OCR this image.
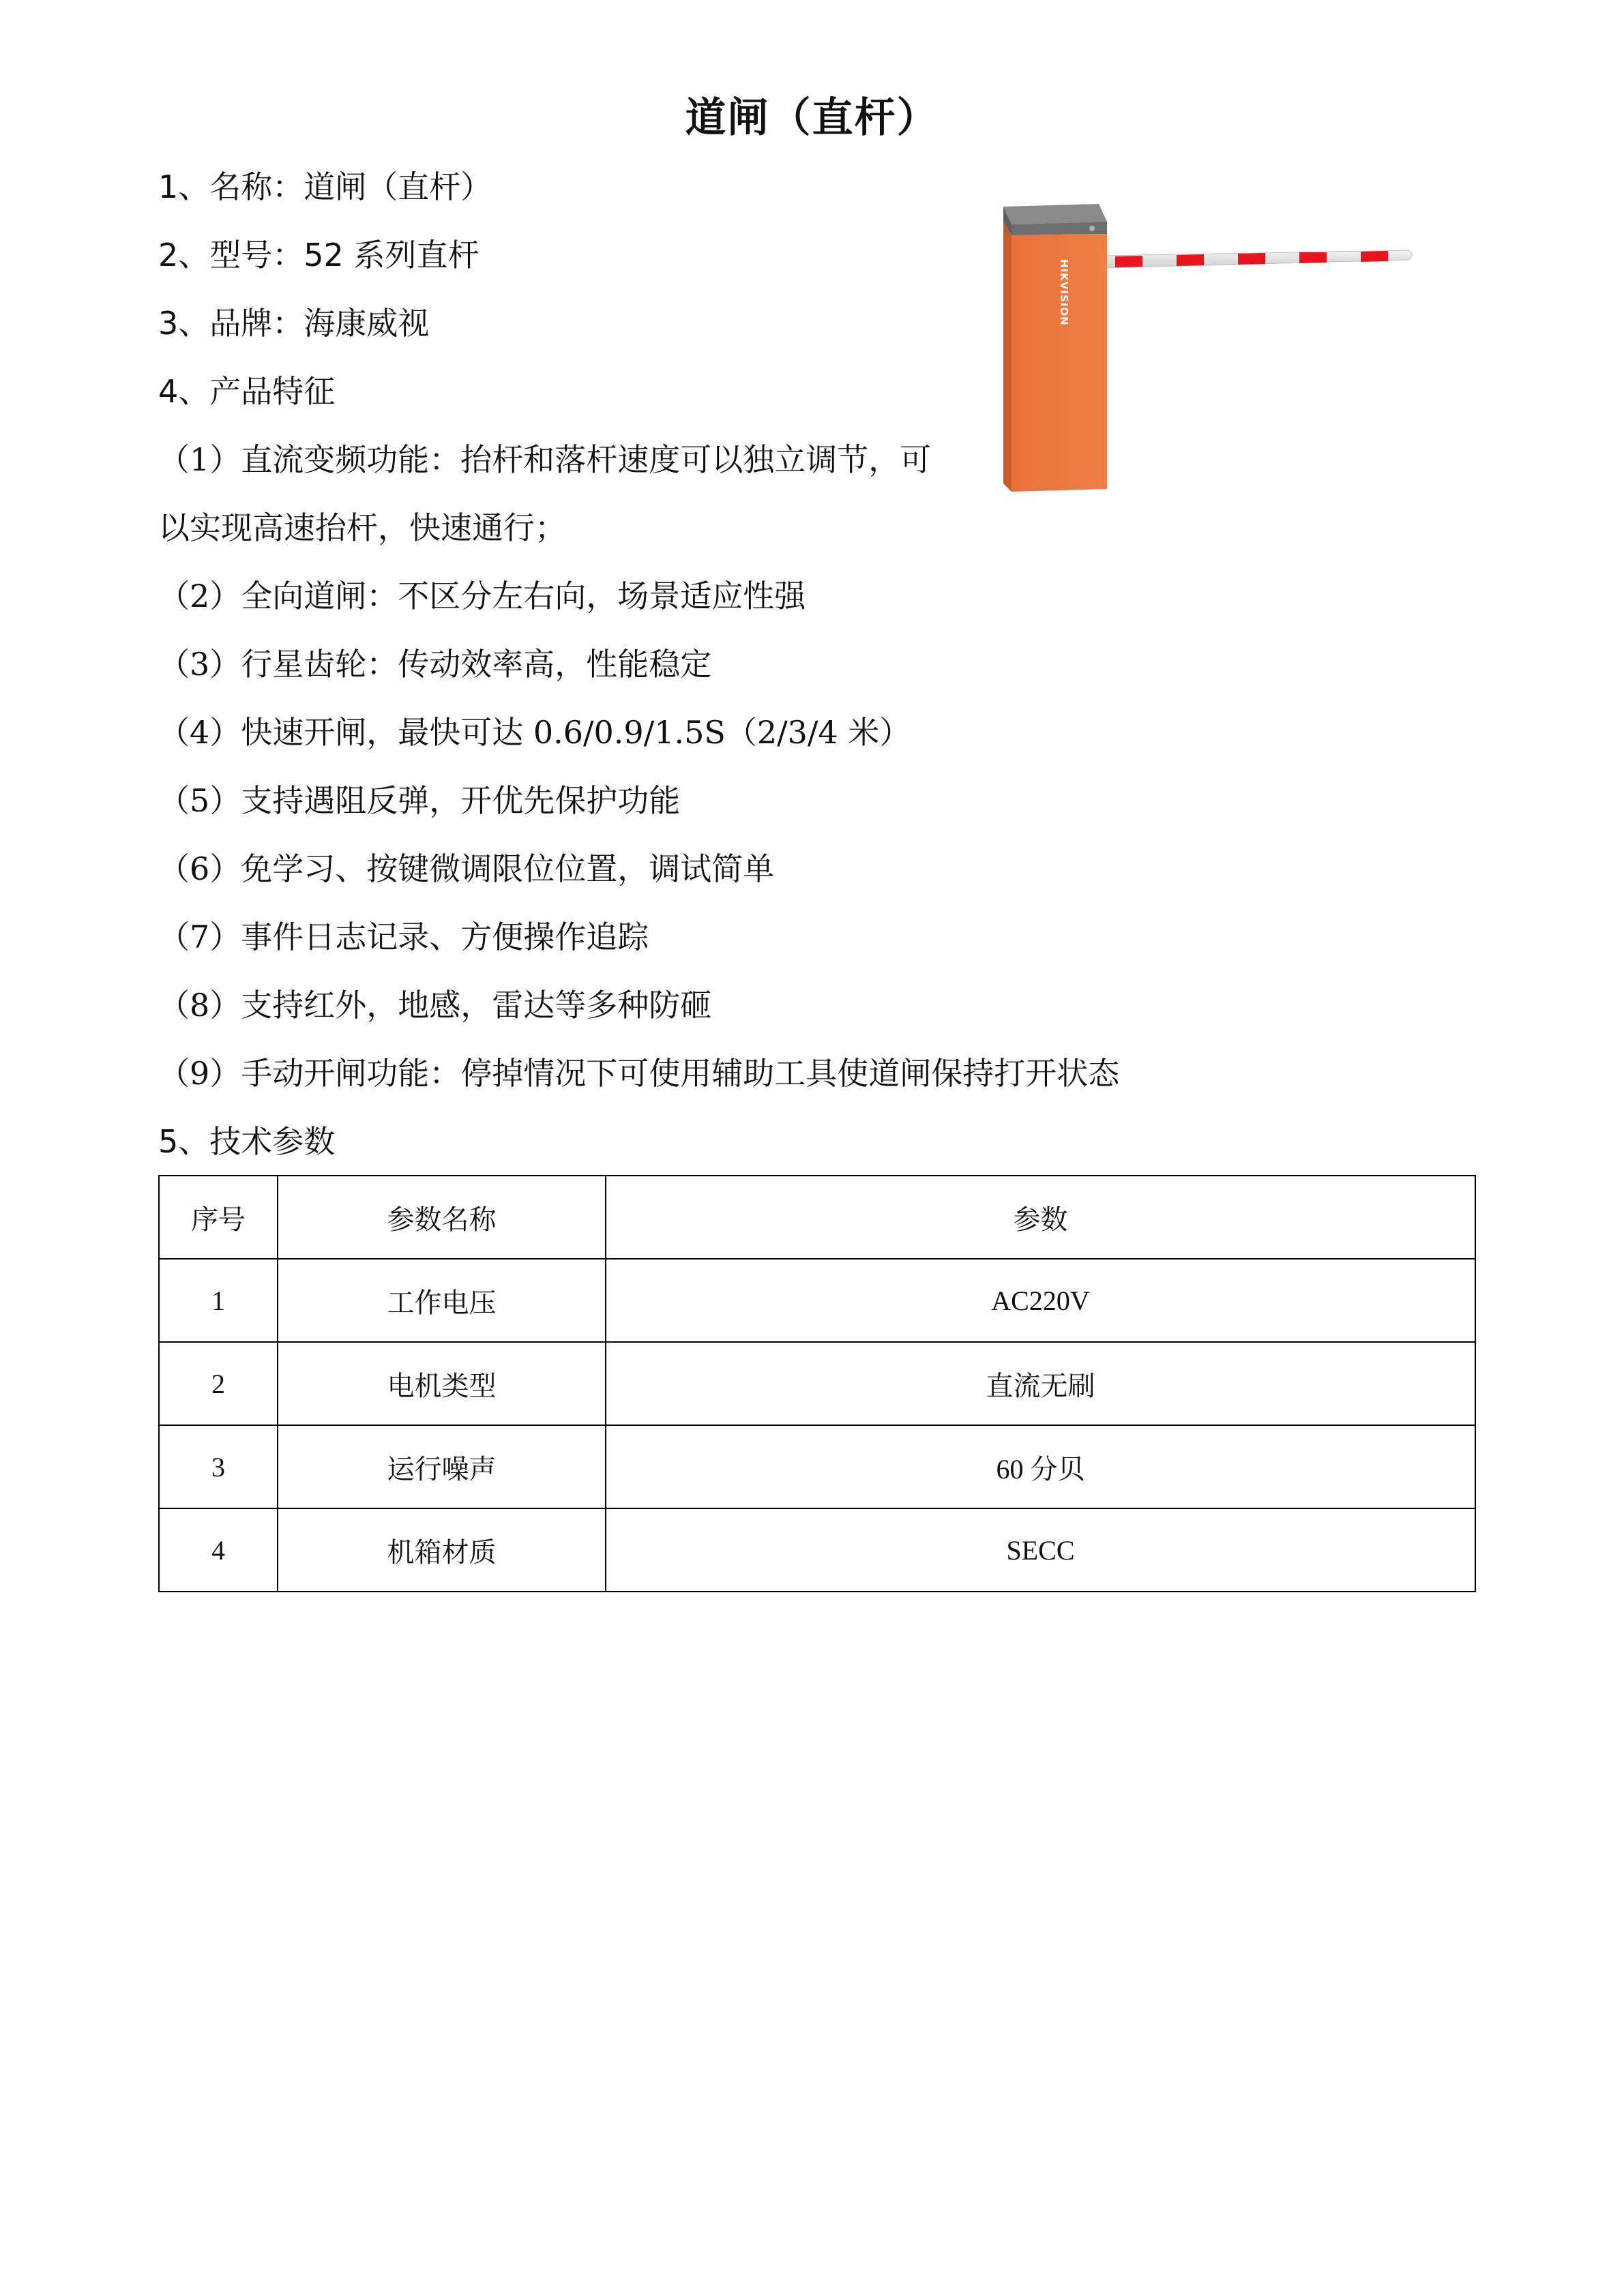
道闸（直杆）

1、名称：道闸（直杆）

2、型号：52 系列直杆

3、品牌：海康威视

4、产品特征

（1）直流变频功能：抬杆和落杆速度可以独立调节，可

以实现高速抬杆，快速通行；

（2）全向道闸：不区分左右向，场景适应性强

（3）行星齿轮：传动效率高，性能稳定

（4）快速开闸，最快可达 0.6/0.9/1.5S（2/3/4 米）

（5）支持遇阻反弹，开优先保护功能

（6）免学习、按键微调限位位置，调试简单

（7）事件日志记录、方便操作追踪

（8）支持红外，地感，雷达等多种防砸

（9）手动开闸功能：停掉情况下可使用辅助工具使道闸保持打开状态

5、技术参数

HIKVISION
序号	参数名称	参数
1	工作电压	AC220V
2	电机类型	直流无刷
3	运行噪声	60 分贝
4	机箱材质	SECC
